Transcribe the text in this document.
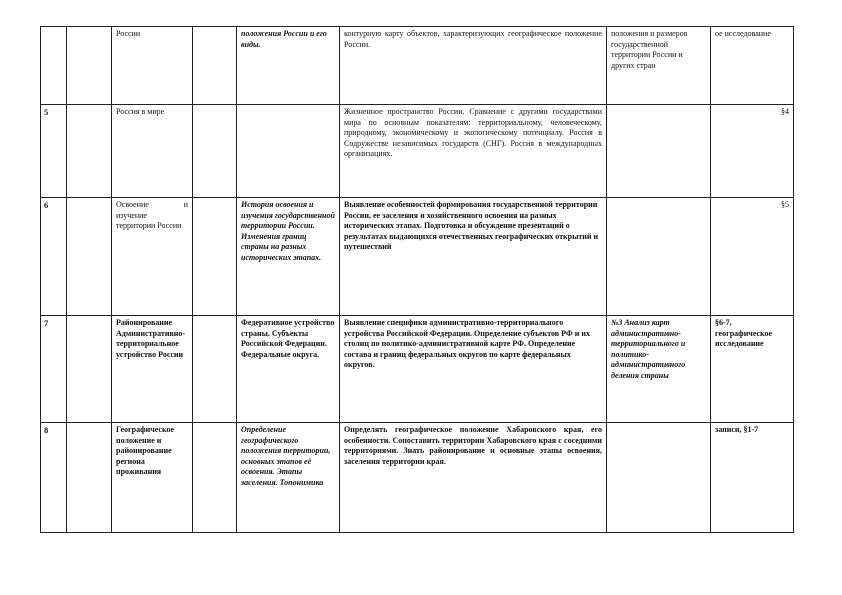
		России		положения России и его виды.	контурную карту объектов, характеризующих географическое положение России.	положения и размеров государственной территории России и других стран	ое исследование
5		Россия в мире			Жизненное пространство России. Сравнение с другими государствами мира по основным показателям: территориальному, человеческому, природному, экономическому и экологическому потенциалу. Россия в Содружестве независимых государств (СНГ). Россия в международных организациях.		§4
6		Освоение и изучение территории России		История освоения и изучения государственной территории России. Изменения границ страны на разных исторических этапах.	Выявление особенностей формирования государственной территории России, ее заселения и хозяйственного освоения на разных исторических этапах. Подготовка и обсуждение презентаций о результатах выдающихся отечественных географических открытий и путешествий		§5
7		Районирование Административно-территориальное устройство России		Федеративное устройство страны. Субъекты Российской Федерации. Федеральные округа.	Выявление специфики административно-территориального устройства Российской Федерации. Определение субъектов РФ и их столиц по политико-административной карте РФ. Определение состава и границ федеральных округов по карте федеральных округов.	№3 Анализ карт административно-территориального и политико-административного деления страны	§6-7, географическое исследование
8		Географическое положение и районирование региона проживания		Определение географического положения территории, основных этапов её освоения. Этапы заселения. Топонимика	Определять географическое положение Хабаровского края, его особенности. Сопоставить территории Хабаровского края с соседними территориями. Знать районирование и основные этапы освоения, заселения территории края.		записи, §1-7
